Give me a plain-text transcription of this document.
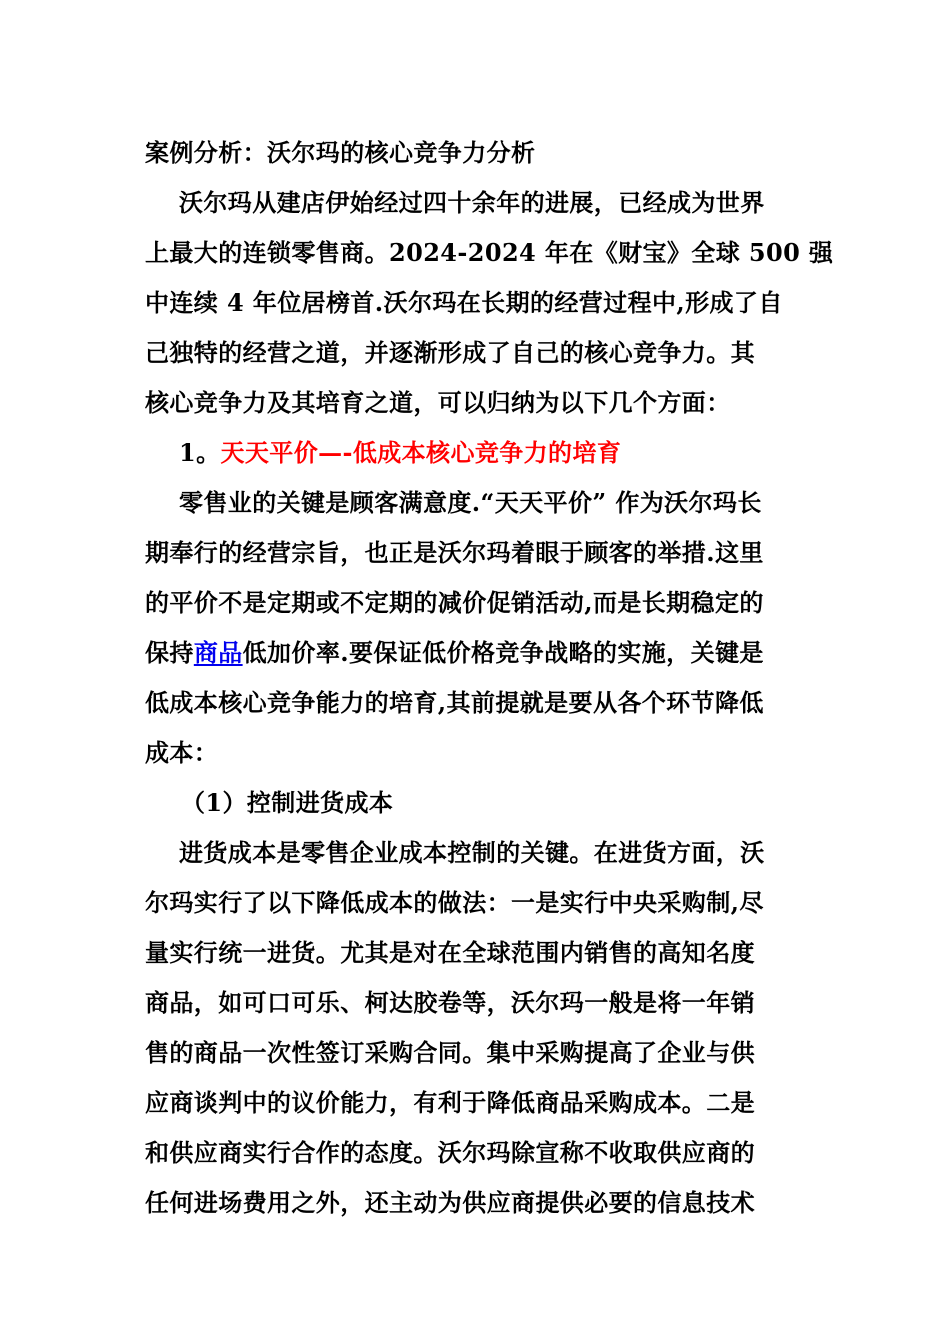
案例分析：沃尔玛的核心竞争力分析
沃尔玛从建店伊始经过四十余年的进展，已经成为世界
上最大的连锁零售商。2024-2024 年在《财宝》全球 500 强
中连续 4 年位居榜首.沃尔玛在长期的经营过程中,形成了自
己独特的经营之道，并逐渐形成了自己的核心竞争力。其
核心竞争力及其培育之道，可以归纳为以下几个方面：
1。天天平价—-低成本核心竞争力的培育
零售业的关键是顾客满意度.“天天平价” 作为沃尔玛长
期奉行的经营宗旨，也正是沃尔玛着眼于顾客的举措.这里
的平价不是定期或不定期的减价促销活动,而是长期稳定的
保持商品低加价率.要保证低价格竞争战略的实施，关键是
低成本核心竞争能力的培育,其前提就是要从各个环节降低
成本：
（1）控制进货成本
进货成本是零售企业成本控制的关键。在进货方面，沃
尔玛实行了以下降低成本的做法：一是实行中央采购制,尽
量实行统一进货。尤其是对在全球范围内销售的高知名度
商品，如可口可乐、柯达胶卷等，沃尔玛一般是将一年销
售的商品一次性签订采购合同。集中采购提高了企业与供
应商谈判中的议价能力，有利于降低商品采购成本。二是
和供应商实行合作的态度。沃尔玛除宣称不收取供应商的
任何进场费用之外，还主动为供应商提供必要的信息技术
